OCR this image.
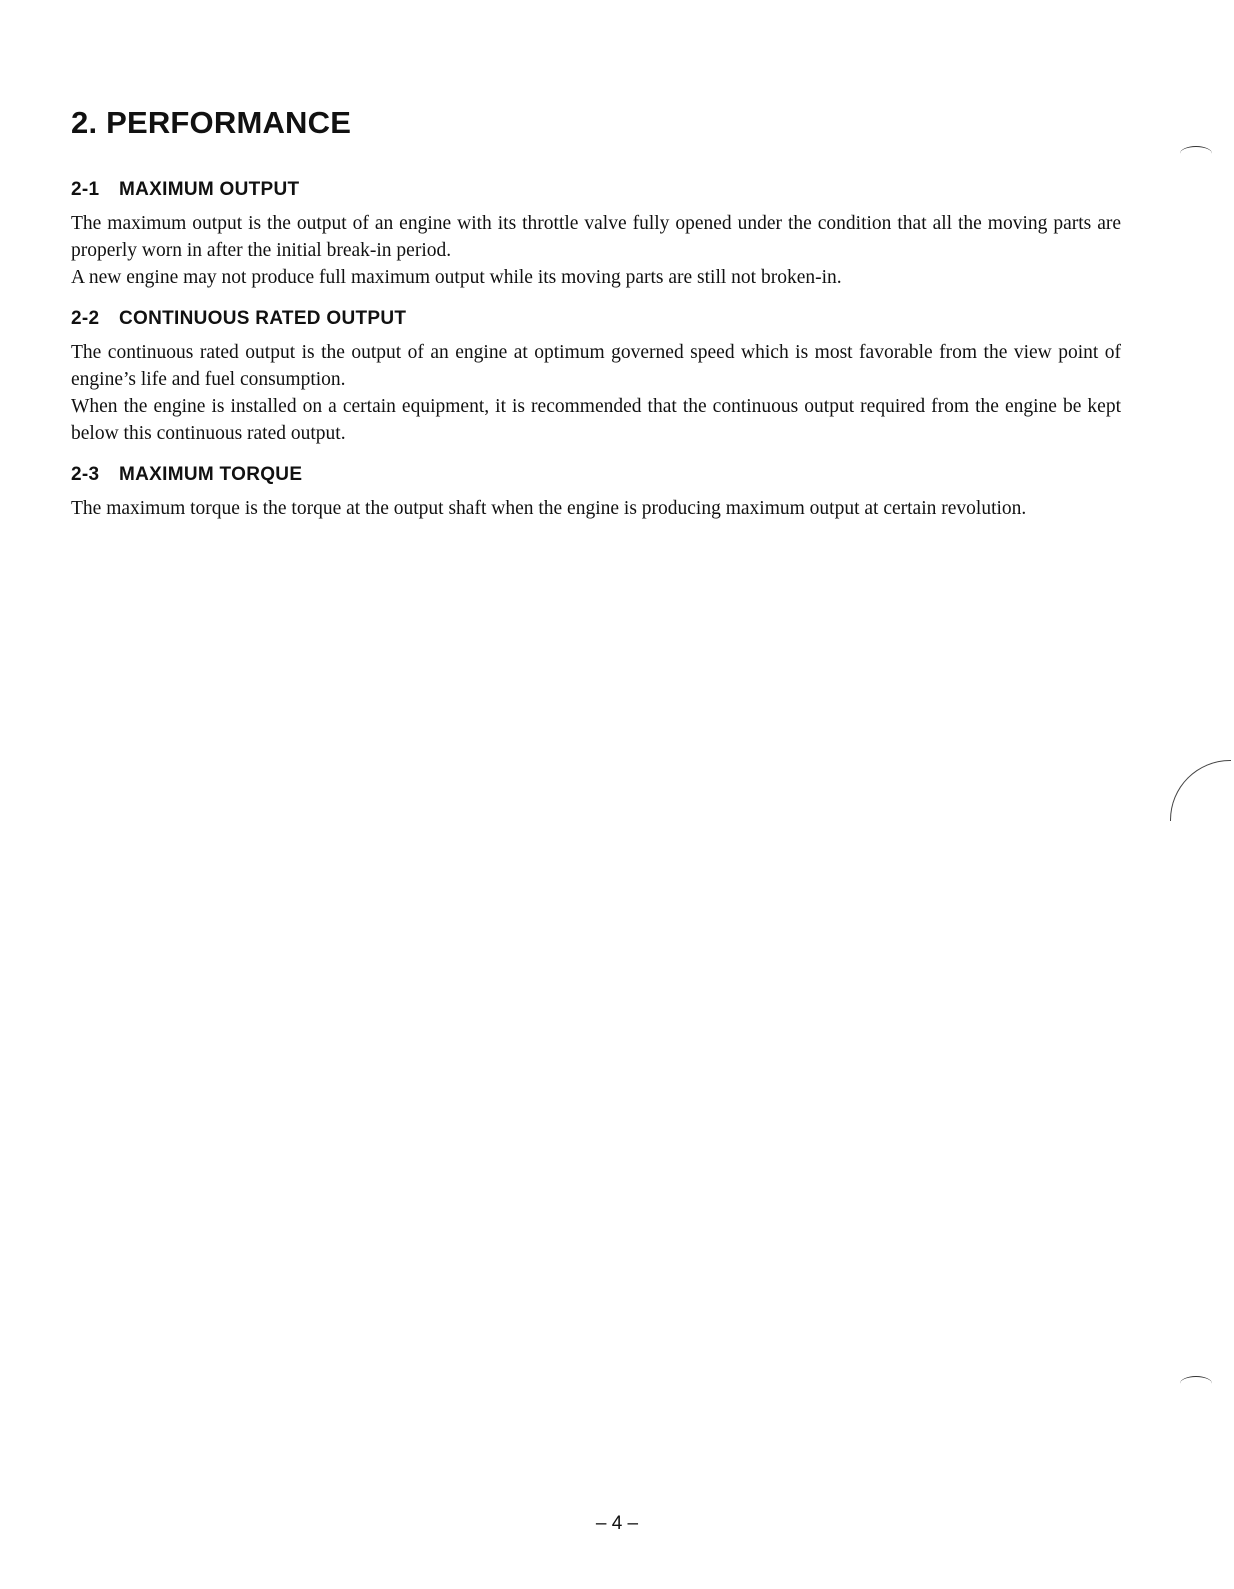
2. PERFORMANCE
2-1 MAXIMUM OUTPUT

The maximum output is the output of an engine with its throttle valve fully opened under the condition that all the moving parts are properly worn in after the initial break-in period.

A new engine may not produce full maximum output while its moving parts are still not broken-in.

2-2 CONTINUOUS RATED OUTPUT

The continuous rated output is the output of an engine at optimum governed speed which is most favorable from the view point of engine’s life and fuel consumption.

When the engine is installed on a certain equipment, it is recommended that the continuous output required from the engine be kept below this continuous rated output.

2-3 MAXIMUM TORQUE

The maximum torque is the torque at the output shaft when the engine is producing maximum output at certain revolution.

– 4 –
